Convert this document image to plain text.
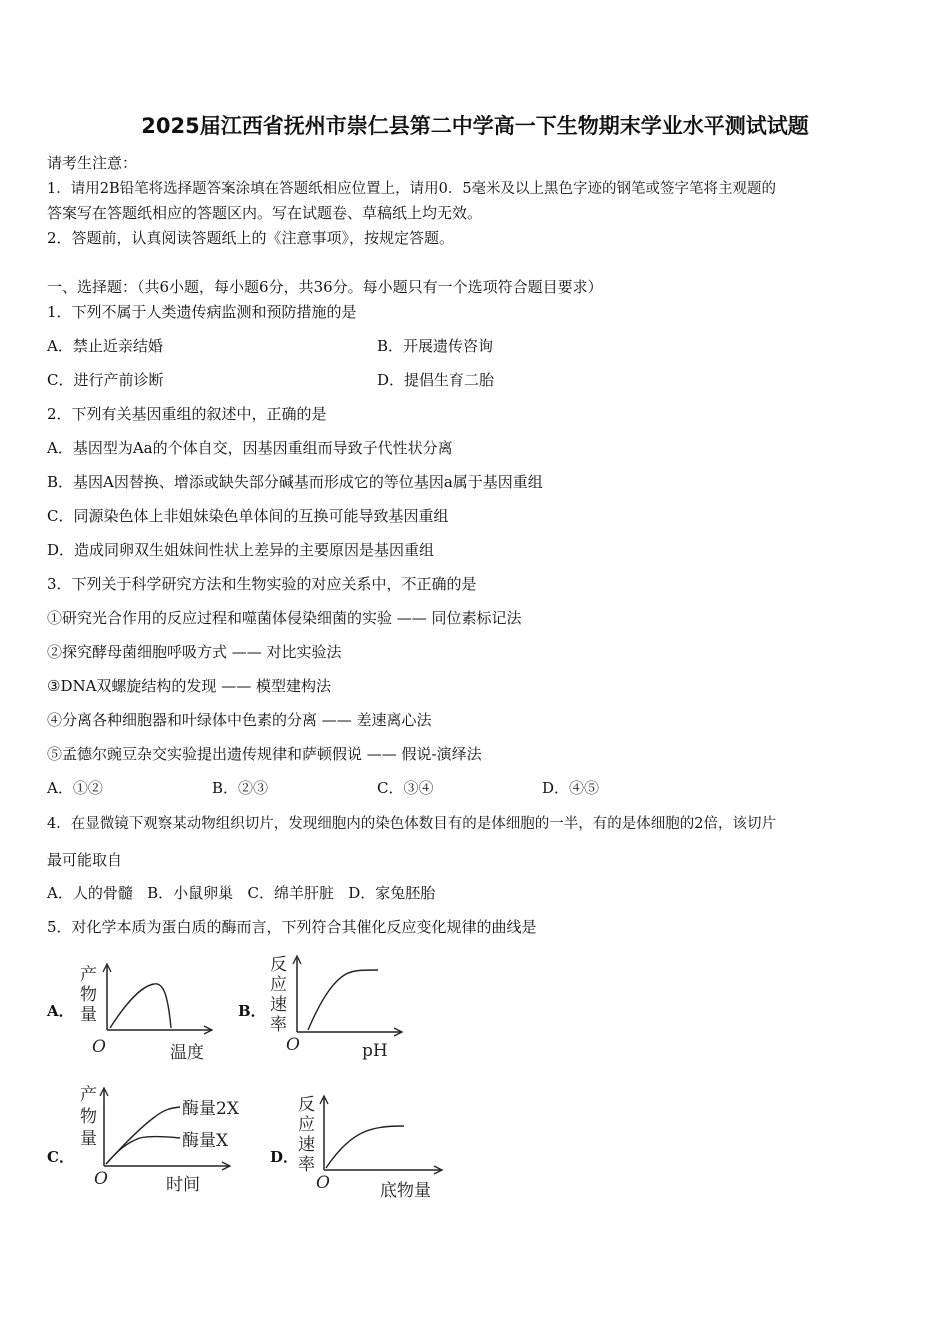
2025届江西省抚州市崇仁县第二中学高一下生物期末学业水平测试试题
请考生注意：
1．请用2B铅笔将选择题答案涂填在答题纸相应位置上，请用0．5毫米及以上黑色字迹的钢笔或签字笔将主观题的
答案写在答题纸相应的答题区内。写在试题卷、草稿纸上均无效。
2．答题前，认真阅读答题纸上的《注意事项》，按规定答题。
一、选择题：（共6小题，每小题6分，共36分。每小题只有一个选项符合题目要求）
1．下列不属于人类遗传病监测和预防措施的是
A．禁止近亲结婚	B．开展遗传咨询
C．进行产前诊断	D．提倡生育二胎
2．下列有关基因重组的叙述中，正确的是
A．基因型为Aa的个体自交，因基因重组而导致子代性状分离
B．基因A因替换、增添或缺失部分碱基而形成它的等位基因a属于基因重组
C．同源染色体上非姐妹染色单体间的互换可能导致基因重组
D．造成同卵双生姐妹间性状上差异的主要原因是基因重组
3．下列关于科学研究方法和生物实验的对应关系中，不正确的是
①研究光合作用的反应过程和噬菌体侵染细菌的实验 —— 同位素标记法
②探究酵母菌细胞呼吸方式 —— 对比实验法
③DNA双螺旋结构的发现 —— 模型建构法
④分离各种细胞器和叶绿体中色素的分离 —— 差速离心法
⑤孟德尔豌豆杂交实验提出遗传规律和萨顿假说 —— 假说-演绎法
A．①②	B．②③	C．③④	D．④⑤
4．在显微镜下观察某动物组织切片，发现细胞内的染色体数目有的是体细胞的一半，有的是体细胞的2倍，该切片
最可能取自
A．人的骨髓   B．小鼠卵巢   C．绵羊肝脏   D．家兔胚胎
5．对化学本质为蛋白质的酶而言，下列符合其催化反应变化规律的曲线是
A．
产
物
量
O	温度
B．
反
应
速
率
O	pH
C．
产
物
量
酶量2X
酶量X
O	时间
D．
反
应
速
率
O	底物量
